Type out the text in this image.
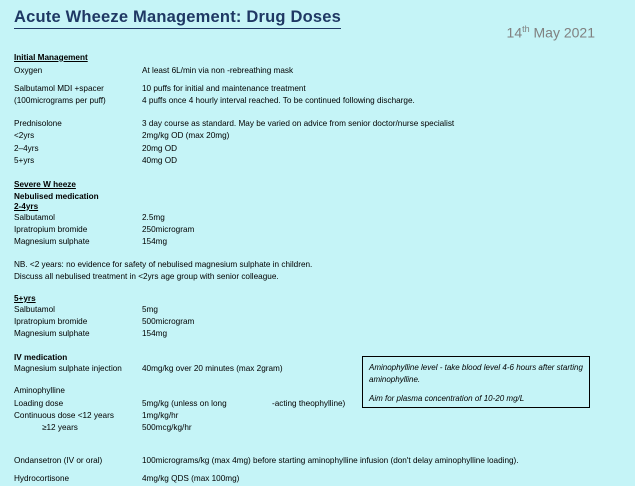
Acute Wheeze Management: Drug Doses
14th May 2021
Initial Management
Oxygen	At least 6L/min via non -rebreathing mask
Salbutamol MDI +spacer	10 puffs for initial and maintenance treatment
(100micrograms per puff)	4 puffs once 4 hourly interval reached. To be continued following discharge.
Prednisolone	3 day course as standard. May be varied on advice from senior doctor/nurse specialist
<2yrs	2mg/kg OD (max 20mg)
2–4yrs	20mg OD
5+yrs	40mg OD
Severe W heeze
Nebulised medication
2-4yrs
Salbutamol	2.5mg
Ipratropium bromide	250microgram
Magnesium sulphate	154mg
NB. <2 years: no evidence for safety of nebulised magnesium sulphate in children.
Discuss all nebulised treatment in <2yrs age group with senior colleague.
5+yrs
Salbutamol	5mg
Ipratropium bromide	500microgram
Magnesium sulphate	154mg
IV medication
Magnesium sulphate injection	40mg/kg over 20 minutes (max 2gram)
Aminophylline
Loading dose	5mg/kg (unless on long	-acting theophylline)
Continuous dose <12 years	1mg/kg/hr
≥12 years	500mcg/kg/hr
Ondansetron (IV or oral)	100micrograms/kg (max 4mg) before starting aminophylline infusion (don't delay aminophylline loading).
Hydrocortisone	4mg/kg QDS (max 100mg)

Aminophylline level - take blood level 4-6 hours after starting aminophylline.

Aim for plasma concentration of 10-20 mg/L
